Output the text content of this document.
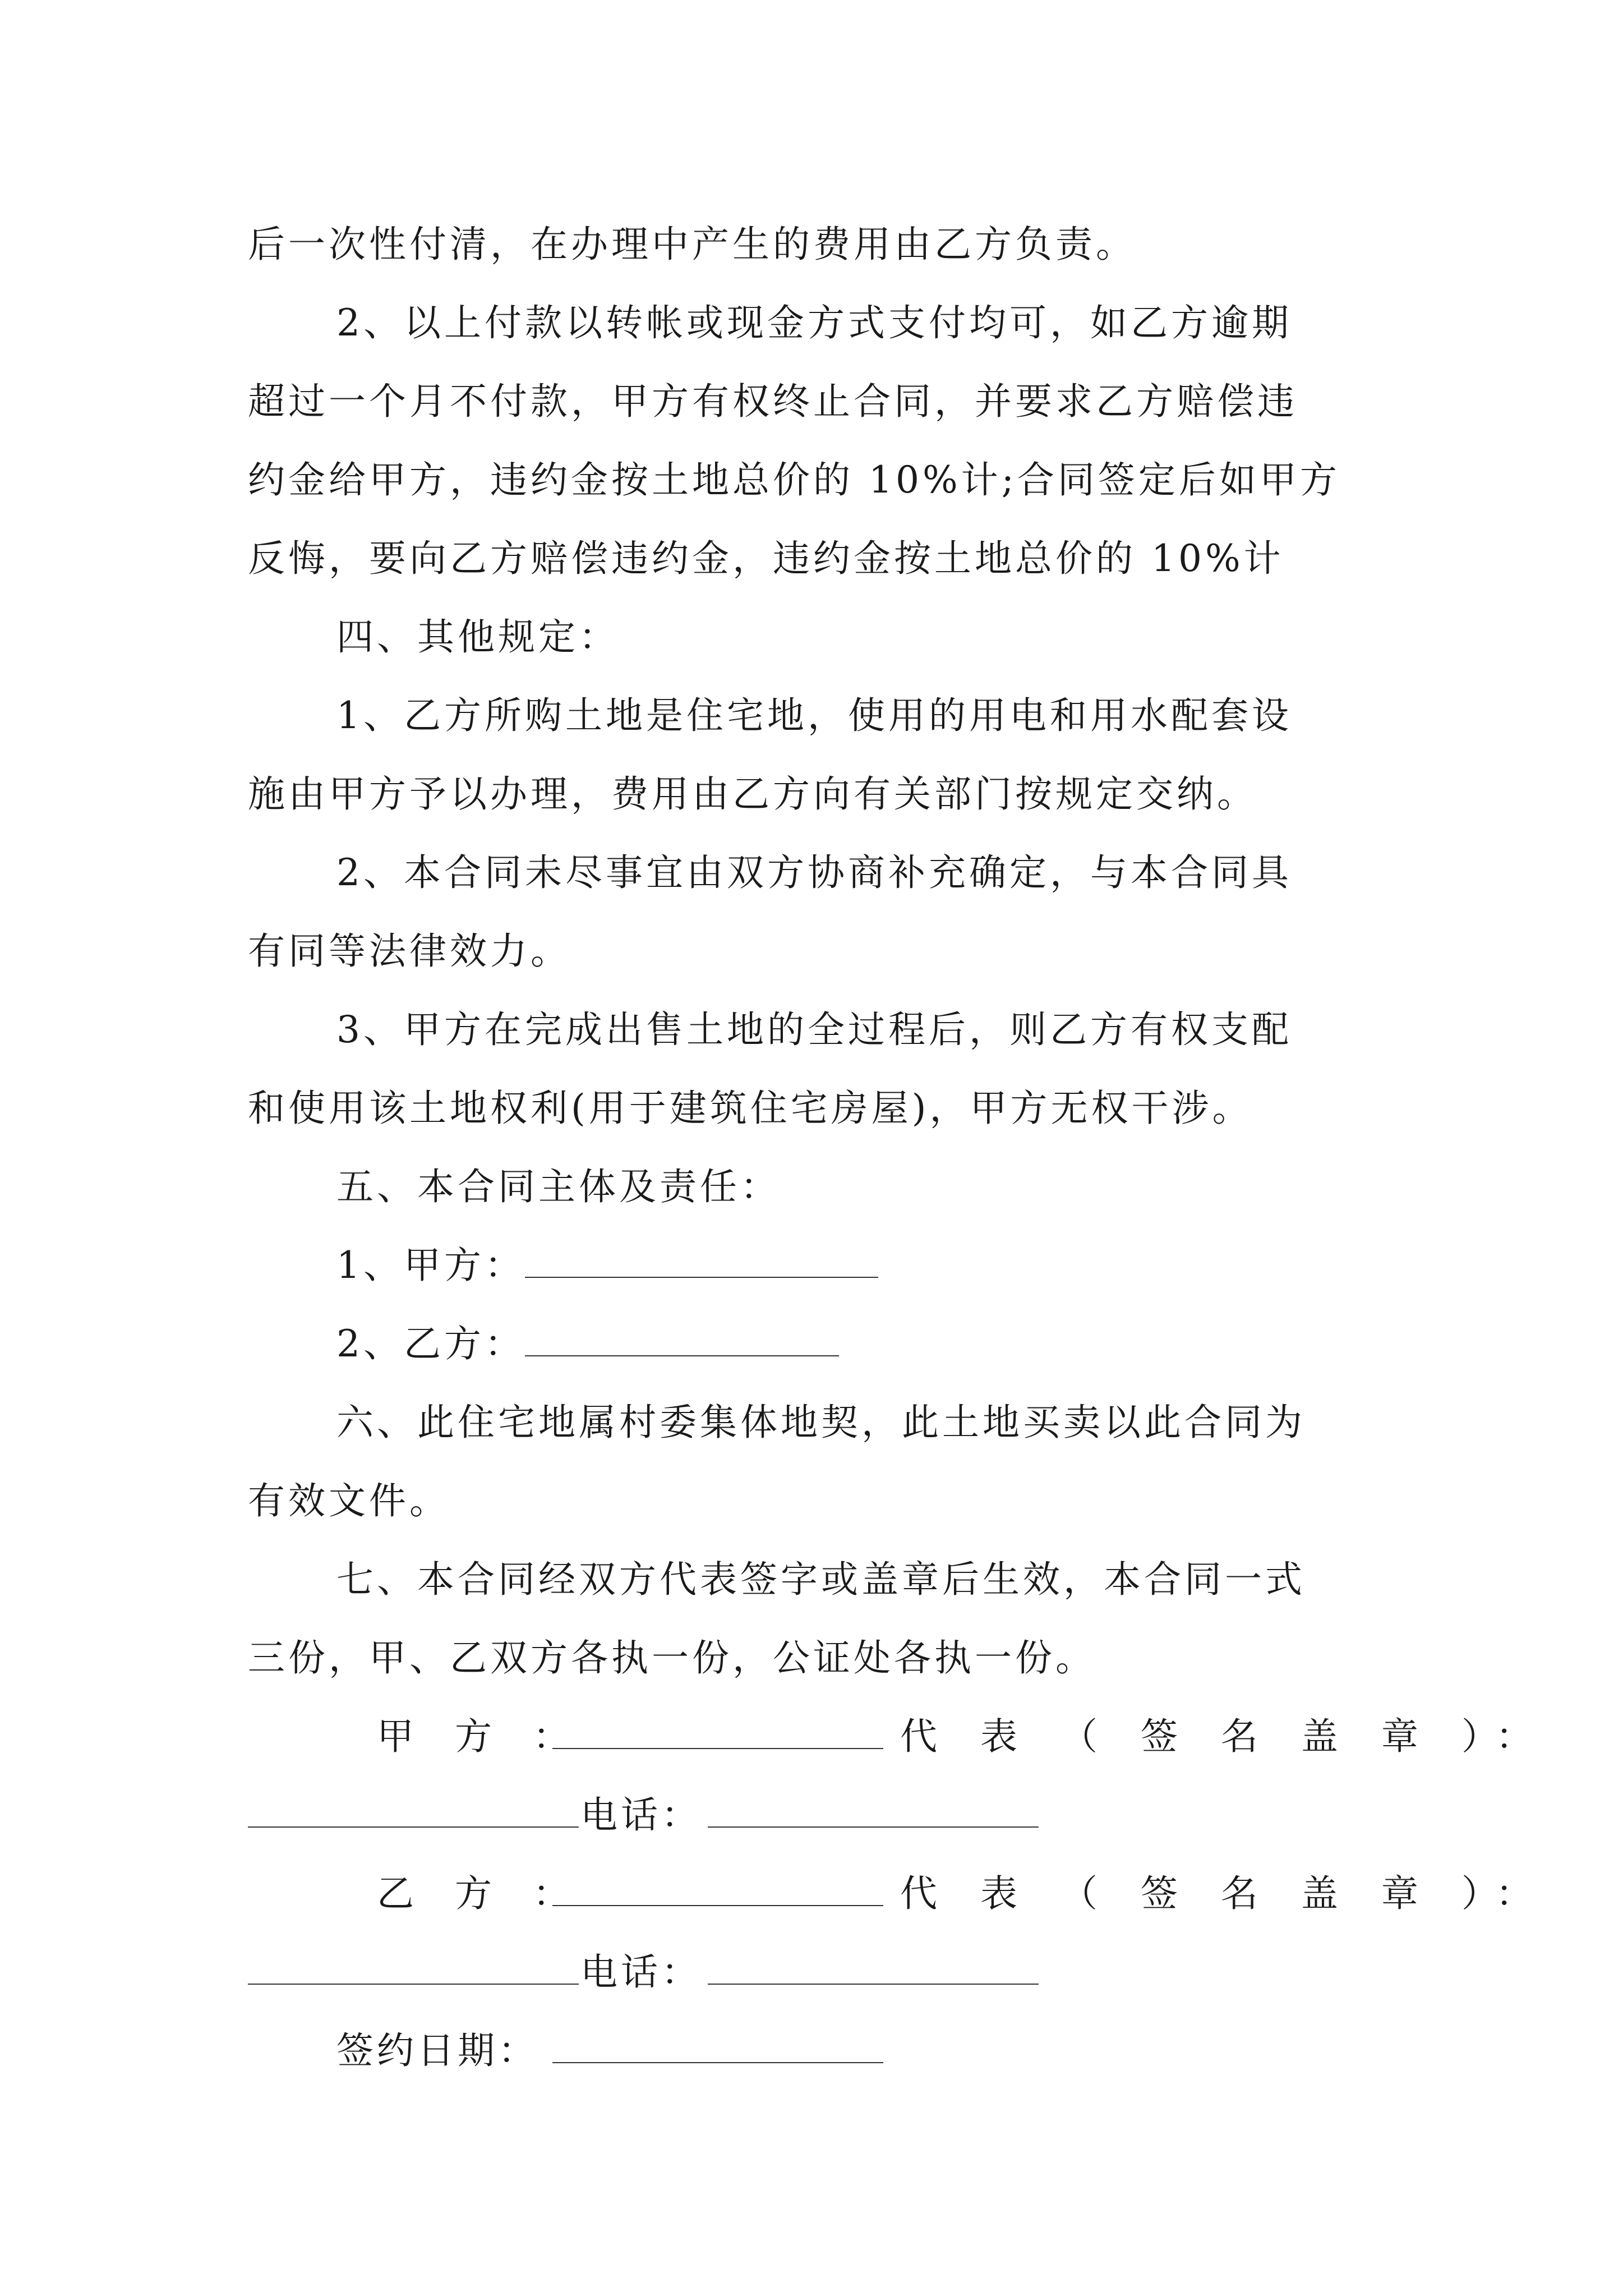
后一次性付清，在办理中产生的费用由乙方负责。
2、以上付款以转帐或现金方式支付均可，如乙方逾期
超过一个月不付款，甲方有权终止合同，并要求乙方赔偿违
约金给甲方，违约金按土地总价的 10%计;合同签定后如甲方
反悔，要向乙方赔偿违约金，违约金按土地总价的 10%计
四、其他规定：
1、乙方所购土地是住宅地，使用的用电和用水配套设
施由甲方予以办理，费用由乙方向有关部门按规定交纳。
2、本合同未尽事宜由双方协商补充确定，与本合同具
有同等法律效力。
3、甲方在完成出售土地的全过程后，则乙方有权支配
和使用该土地权利(用于建筑住宅房屋)，甲方无权干涉。
五、本合同主体及责任：
1、甲方：
2、乙方：
六、此住宅地属村委集体地契，此土地买卖以此合同为
有效文件。
七、本合同经双方代表签字或盖章后生效，本合同一式
三份，甲、乙双方各执一份，公证处各执一份。
甲 方 ：	代 表 （ 签 名 盖 章 ）：
电话：
乙 方 ：	代 表 （ 签 名 盖 章 ）：
电话：
签约日期：
